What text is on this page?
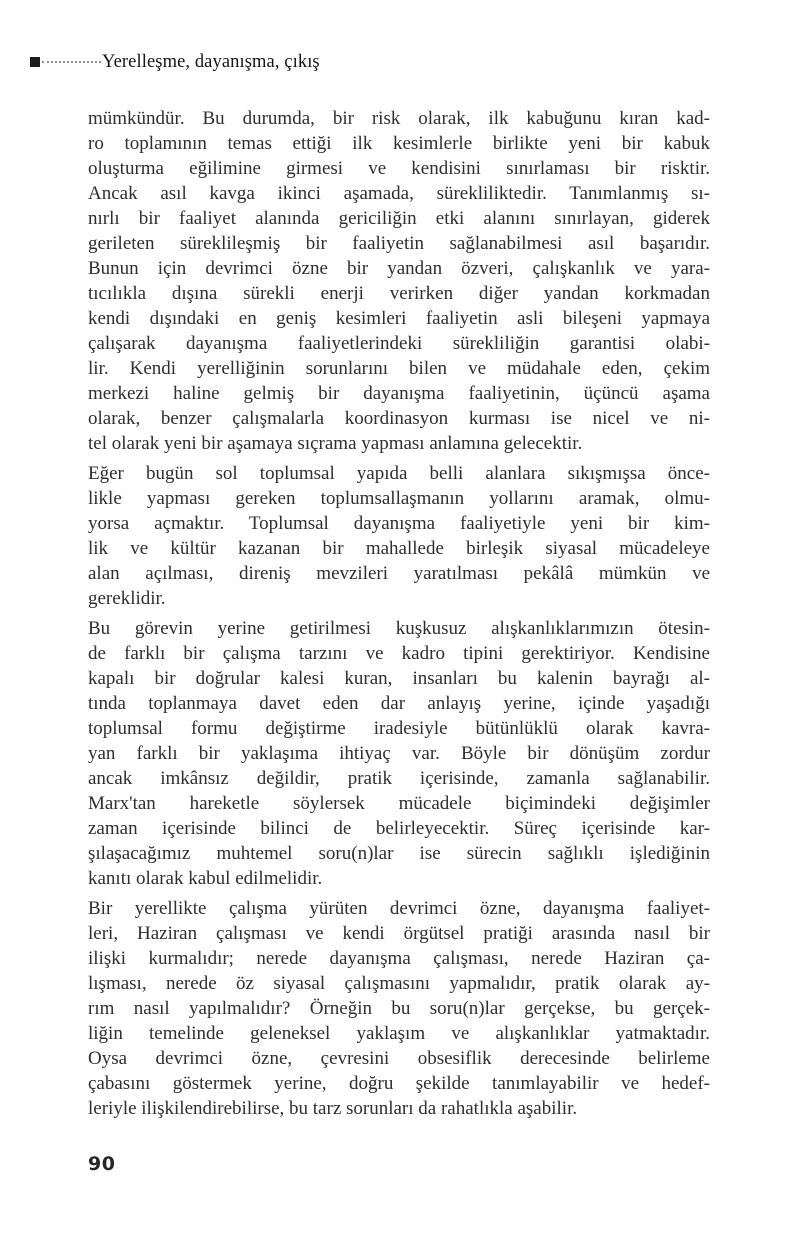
Yerelleşme, dayanışma, çıkış
mümkündür. Bu durumda, bir risk olarak, ilk kabuğunu kıran kad-
ro toplamının temas ettiği ilk kesimlerle birlikte yeni bir kabuk
oluşturma eğilimine girmesi ve kendisini sınırlaması bir risktir.
Ancak asıl kavga ikinci aşamada, sürekliliktedir. Tanımlanmış sı-
nırlı bir faaliyet alanında gericiliğin etki alanını sınırlayan, giderek
gerileten süreklileşmiş bir faaliyetin sağlanabilmesi asıl başarıdır.
Bunun için devrimci özne bir yandan özveri, çalışkanlık ve yara-
tıcılıkla dışına sürekli enerji verirken diğer yandan korkmadan
kendi dışındaki en geniş kesimleri faaliyetin asli bileşeni yapmaya
çalışarak dayanışma faaliyetlerindeki sürekliliğin garantisi olabi-
lir. Kendi yerelliğinin sorunlarını bilen ve müdahale eden, çekim
merkezi haline gelmiş bir dayanışma faaliyetinin, üçüncü aşama
olarak, benzer çalışmalarla koordinasyon kurması ise nicel ve ni-
tel olarak yeni bir aşamaya sıçrama yapması anlamına gelecektir.
Eğer bugün sol toplumsal yapıda belli alanlara sıkışmışsa önce-
likle yapması gereken toplumsallaşmanın yollarını aramak, olmu-
yorsa açmaktır. Toplumsal dayanışma faaliyetiyle yeni bir kim-
lik ve kültür kazanan bir mahallede birleşik siyasal mücadeleye
alan açılması, direniş mevzileri yaratılması pekâlâ mümkün ve
gereklidir.
Bu görevin yerine getirilmesi kuşkusuz alışkanlıklarımızın ötesin-
de farklı bir çalışma tarzını ve kadro tipini gerektiriyor. Kendisine
kapalı bir doğrular kalesi kuran, insanları bu kalenin bayrağı al-
tında toplanmaya davet eden dar anlayış yerine, içinde yaşadığı
toplumsal formu değiştirme iradesiyle bütünlüklü olarak kavra-
yan farklı bir yaklaşıma ihtiyaç var. Böyle bir dönüşüm zordur
ancak imkânsız değildir, pratik içerisinde, zamanla sağlanabilir.
Marx'tan hareketle söylersek mücadele biçimindeki değişimler
zaman içerisinde bilinci de belirleyecektir. Süreç içerisinde kar-
şılaşacağımız muhtemel soru(n)lar ise sürecin sağlıklı işlediğinin
kanıtı olarak kabul edilmelidir.
Bir yerellikte çalışma yürüten devrimci özne, dayanışma faaliyet-
leri, Haziran çalışması ve kendi örgütsel pratiği arasında nasıl bir
ilişki kurmalıdır; nerede dayanışma çalışması, nerede Haziran ça-
lışması, nerede öz siyasal çalışmasını yapmalıdır, pratik olarak ay-
rım nasıl yapılmalıdır? Örneğin bu soru(n)lar gerçekse, bu gerçek-
liğin temelinde geleneksel yaklaşım ve alışkanlıklar yatmaktadır.
Oysa devrimci özne, çevresini obsesiflik derecesinde belirleme
çabasını göstermek yerine, doğru şekilde tanımlayabilir ve hedef-
leriyle ilişkilendirebilirse, bu tarz sorunları da rahatlıkla aşabilir.
90
